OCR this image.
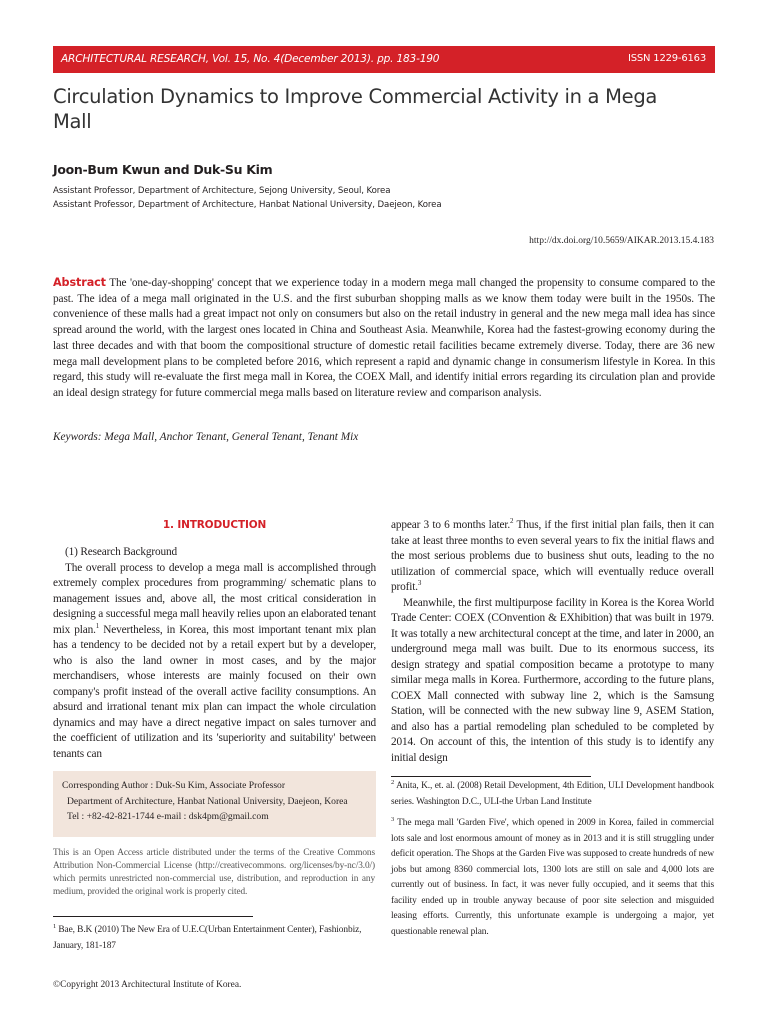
ARCHITECTURAL RESEARCH, Vol. 15, No. 4(December 2013). pp. 183-190	ISSN 1229-6163
Circulation Dynamics to Improve Commercial Activity in a Mega Mall
Joon-Bum Kwun and Duk-Su Kim
Assistant Professor, Department of Architecture, Sejong University, Seoul, Korea
Assistant Professor, Department of Architecture, Hanbat National University, Daejeon, Korea
http://dx.doi.org/10.5659/AIKAR.2013.15.4.183
Abstract The 'one-day-shopping' concept that we experience today in a modern mega mall changed the propensity to consume compared to the past. The idea of a mega mall originated in the U.S. and the first suburban shopping malls as we know them today were built in the 1950s. The convenience of these malls had a great impact not only on consumers but also on the retail industry in general and the new mega mall idea has since spread around the world, with the largest ones located in China and Southeast Asia. Meanwhile, Korea had the fastest-growing economy during the last three decades and with that boom the compositional structure of domestic retail facilities became extremely diverse. Today, there are 36 new mega mall development plans to be completed before 2016, which represent a rapid and dynamic change in consumerism lifestyle in Korea. In this regard, this study will re-evaluate the first mega mall in Korea, the COEX Mall, and identify initial errors regarding its circulation plan and provide an ideal design strategy for future commercial mega malls based on literature review and comparison analysis.
Keywords: Mega Mall, Anchor Tenant, General Tenant, Tenant Mix
1. INTRODUCTION

(1) Research Background

The overall process to develop a mega mall is accomplished through extremely complex procedures from programming/ schematic plans to management issues and, above all, the most critical consideration in designing a successful mega mall heavily relies upon an elaborated tenant mix plan.$^1$ Nevertheless, in Korea, this most important tenant mix plan has a tendency to be decided not by a retail expert but by a developer, who is also the land owner in most cases, and by the major merchandisers, whose interests are mainly focused on their own company's profit instead of the overall active facility consumptions. An absurd and irrational tenant mix plan can impact the whole circulation dynamics and may have a direct negative impact on sales turnover and the coefficient of utilization and its 'superiority and suitability' between tenants can

appear 3 to 6 months later.$^2$ Thus, if the first initial plan fails, then it can take at least three months to even several years to fix the initial flaws and the most serious problems due to business shut outs, leading to the no utilization of commercial space, which will eventually reduce overall profit.$^3$

Meanwhile, the first multipurpose facility in Korea is the Korea World Trade Center: COEX (COnvention & EXhibition) that was built in 1979. It was totally a new architectural concept at the time, and later in 2000, an underground mega mall was built. Due to its enormous success, its design strategy and spatial composition became a prototype to many similar mega malls in Korea. Furthermore, according to the future plans, COEX Mall connected with subway line 2, which is the Samsung Station, will be connected with the new subway line 9, ASEM Station, and also has a partial remodeling plan scheduled to be completed by 2014. On account of this, the intention of this study is to identify any initial design

Corresponding Author : Duk-Su Kim, Associate Professor
Department of Architecture, Hanbat National University, Daejeon, Korea
Tel : +82-42-821-1744 e-mail : dsk4pm@gmail.com
This is an Open Access article distributed under the terms of the Creative Commons Attribution Non-Commercial License (http://creativecommons. org/licenses/by-nc/3.0/) which permits unrestricted non-commercial use, distribution, and reproduction in any medium, provided the original work is properly cited.
$^1$ Bae, B.K (2010) The New Era of U.E.C(Urban Entertainment Center), Fashionbiz, January, 181-187

$^2$ Anita, K., et. al. (2008) Retail Development, 4th Edition, ULI Development handbook series. Washington D.C., ULI-the Urban Land Institute

$^3$ The mega mall 'Garden Five', which opened in 2009 in Korea, failed in commercial lots sale and lost enormous amount of money as in 2013 and it is still struggling under deficit operation. The Shops at the Garden Five was supposed to create hundreds of new jobs but among 8360 commercial lots, 1300 lots are still on sale and 4,000 lots are currently out of business. In fact, it was never fully occupied, and it seems that this facility ended up in trouble anyway because of poor site selection and misguided leasing efforts. Currently, this unfortunate example is undergoing a major, yet questionable renewal plan.

©Copyright 2013 Architectural Institute of Korea.
